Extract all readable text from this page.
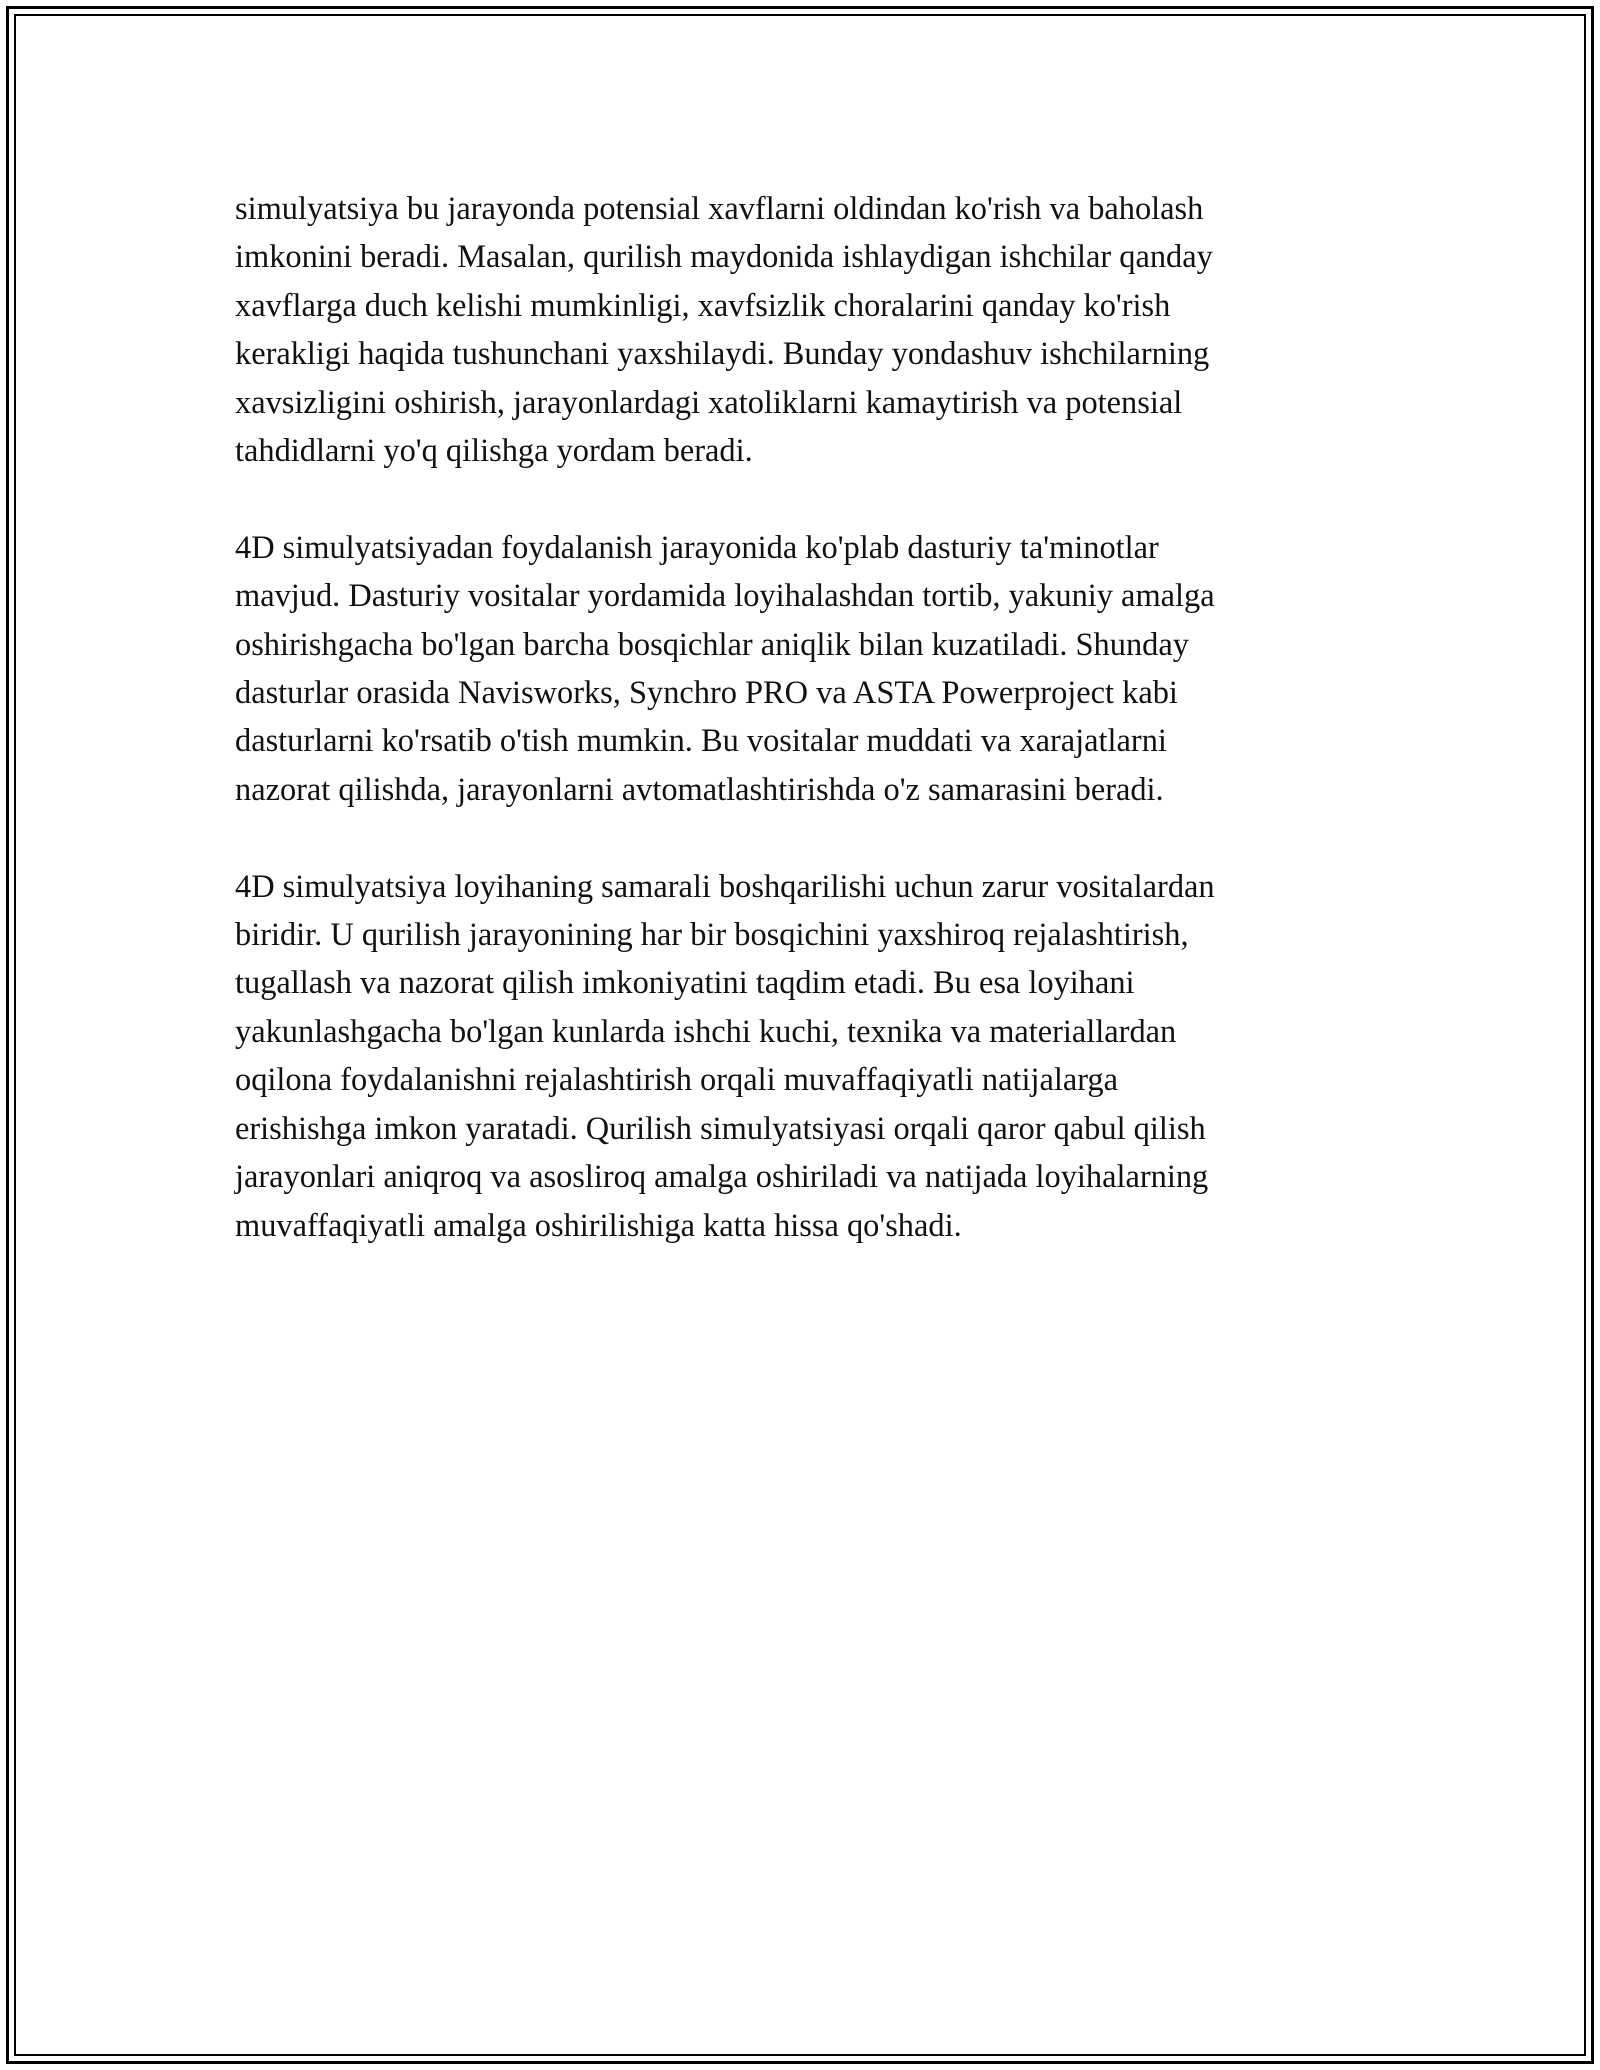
simulyatsiya bu jarayonda potensial xavflarni oldindan ko'rish va baholash
imkonini beradi. Masalan, qurilish maydonida ishlaydigan ishchilar qanday
xavflarga duch kelishi mumkinligi, xavfsizlik choralarini qanday ko'rish
kerakligi haqida tushunchani yaxshilaydi. Bunday yondashuv ishchilarning
xavsizligini oshirish, jarayonlardagi xatoliklarni kamaytirish va potensial
tahdidlarni yo'q qilishga yordam beradi.

4D simulyatsiyadan foydalanish jarayonida ko'plab dasturiy ta'minotlar
mavjud. Dasturiy vositalar yordamida loyihalashdan tortib, yakuniy amalga
oshirishgacha bo'lgan barcha bosqichlar aniqlik bilan kuzatiladi. Shunday
dasturlar orasida Navisworks, Synchro PRO va ASTA Powerproject kabi
dasturlarni ko'rsatib o'tish mumkin. Bu vositalar muddati va xarajatlarni
nazorat qilishda, jarayonlarni avtomatlashtirishda o'z samarasini beradi.

4D simulyatsiya loyihaning samarali boshqarilishi uchun zarur vositalardan
biridir. U qurilish jarayonining har bir bosqichini yaxshiroq rejalashtirish,
tugallash va nazorat qilish imkoniyatini taqdim etadi. Bu esa loyihani
yakunlashgacha bo'lgan kunlarda ishchi kuchi, texnika va materiallardan
oqilona foydalanishni rejalashtirish orqali muvaffaqiyatli natijalarga
erishishga imkon yaratadi. Qurilish simulyatsiyasi orqali qaror qabul qilish
jarayonlari aniqroq va asosliroq amalga oshiriladi va natijada loyihalarning
muvaffaqiyatli amalga oshirilishiga katta hissa qo'shadi.
